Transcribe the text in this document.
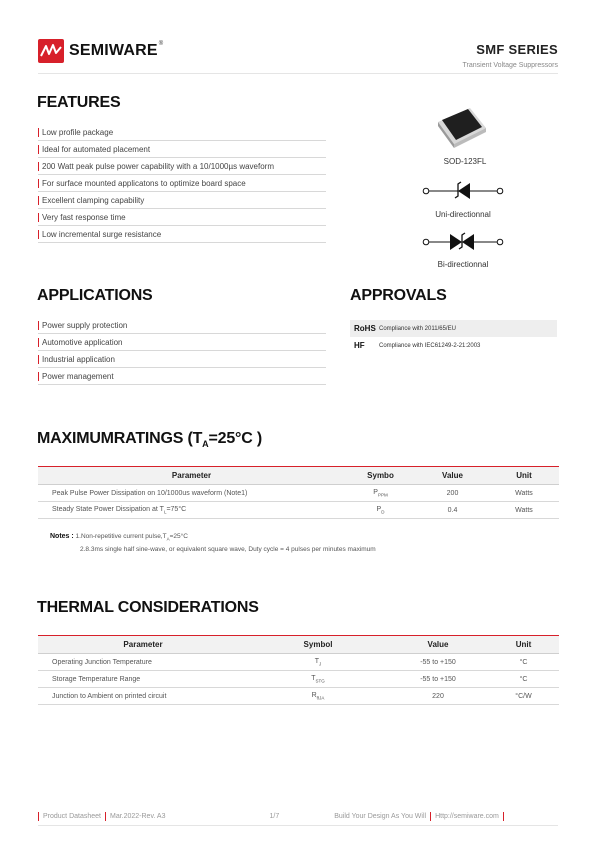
SEMIWARE ®	SMF SERIES
Transient Voltage Suppressors
FEATURES
Low profile package
Ideal for automated placement
200 Watt peak pulse power capability with a 10/1000µs waveform
For surface mounted applicatons to optimize board space
Excellent clamping capability
Very fast response time
Low incremental surge resistance
SOD-123FL
Uni-directionnal
Bi-directionnal
APPLICATIONS
Power supply protection
Automotive application
Industrial application
Power management
APPROVALS
RoHS Compliance with 2011/65/EU
HF	Compliance with IEC61249-2-21:2003
MAXIMUMRATINGS ($T_A=25^\circ C$ )
Parameter	Symbo	Value	Unit
Peak Pulse Power Dissipation on 10/1000us waveform (Note1)	$P_{PPM}$	200	Watts
Steady State Power Dissipation at $T_L=75^\circ C$	$P_D$	0.4	Watts
Notes : 1.Non-repetitive current $pulse,T_A=25^\circ C$
2.8.3ms single half sine-wave, or equivalent square wave, Duty cycle = 4 pulses per minutes maximum
THERMAL CONSIDERATIONS
Parameter	Symbol	Value	Unit
Operating Junction Temperature	$T_J$	-55 to +150	°C
Storage Temperature Range	$T_{STG}$	-55 to +150	°C
Junction to Ambient on printed circuit	$R_{\theta JA}$	220	°C/W
Product Datasheet Mar.2022-Rev. A3	1/7	Build Your Design As You Will Http://semiware.com
